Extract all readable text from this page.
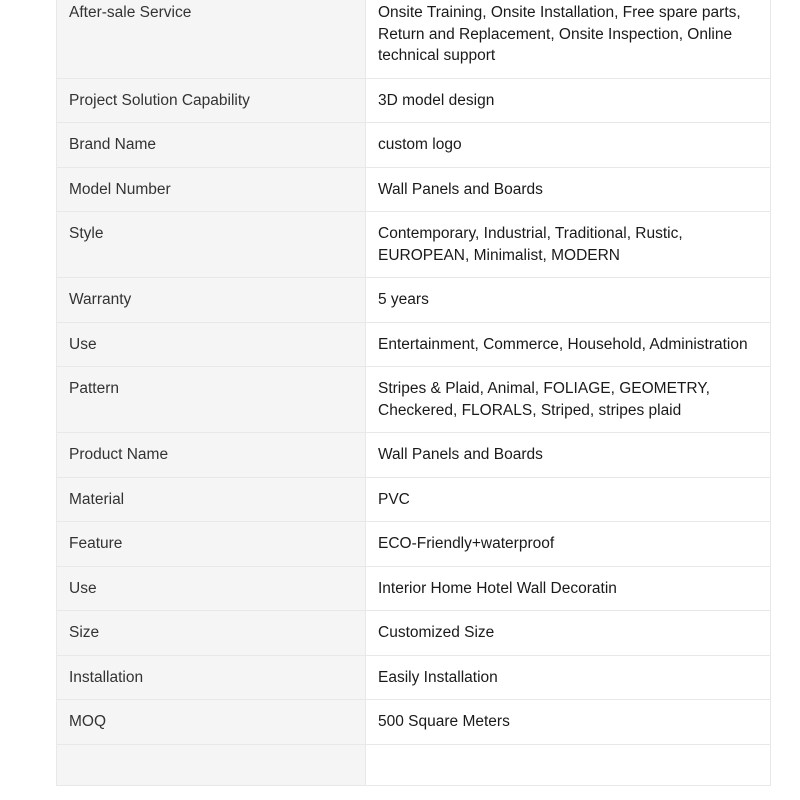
After-sale Service	Onsite Training, Onsite Installation, Free spare parts, Return and Replacement, Onsite Inspection, Online technical support
Project Solution Capability	3D model design
Brand Name	custom logo
Model Number	Wall Panels and Boards
Style	Contemporary, Industrial, Traditional, Rustic, EUROPEAN, Minimalist, MODERN
Warranty	5 years
Use	Entertainment, Commerce, Household, Administration
Pattern	Stripes & Plaid, Animal, FOLIAGE, GEOMETRY, Checkered, FLORALS, Striped, stripes plaid
Product Name	Wall Panels and Boards
Material	PVC
Feature	ECO-Friendly+waterproof
Use	Interior Home Hotel Wall Decoratin
Size	Customized Size
Installation	Easily Installation
MOQ	500 Square Meters
